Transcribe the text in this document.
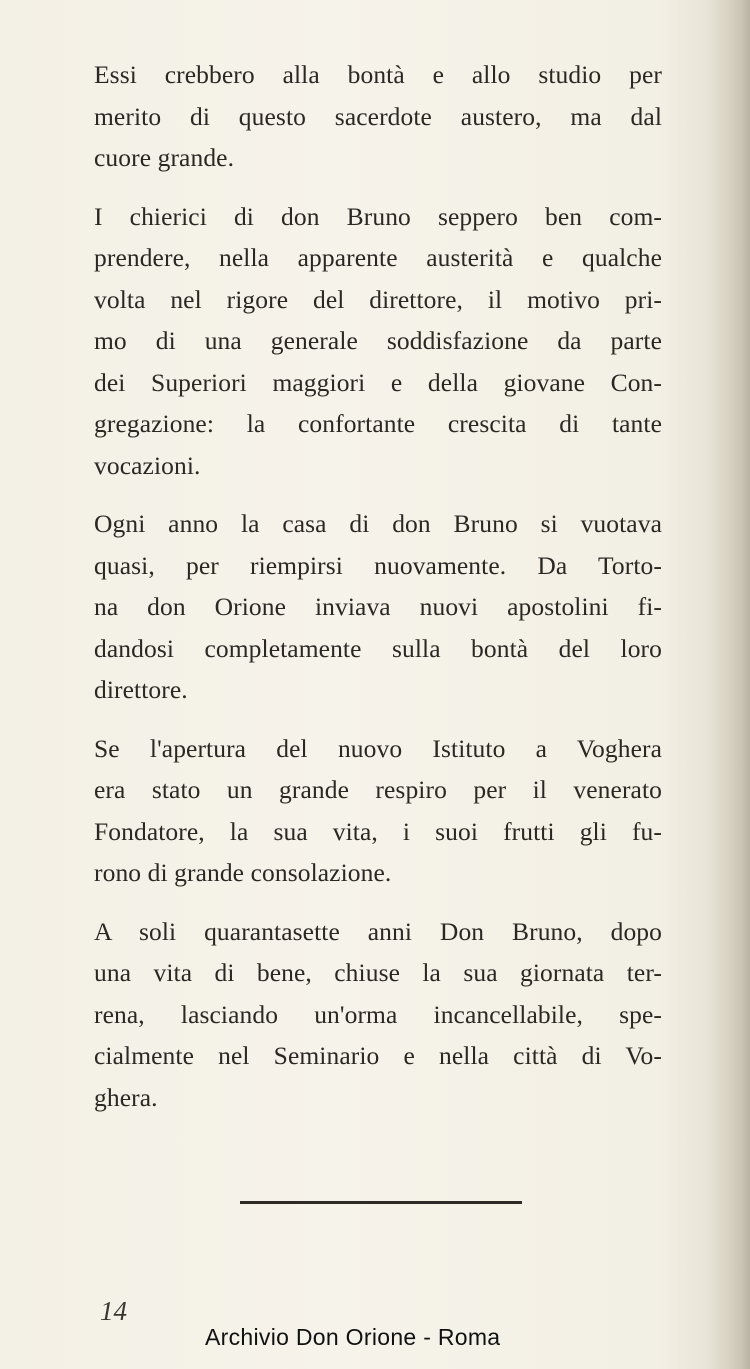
Essi crebbero alla bontà e allo studio per
merito di questo sacerdote austero, ma dal
cuore grande.

I chierici di don Bruno seppero ben com-
prendere, nella apparente austerità e qualche
volta nel rigore del direttore, il motivo pri-
mo di una generale soddisfazione da parte
dei Superiori maggiori e della giovane Con-
gregazione: la confortante crescita di tante
vocazioni.

Ogni anno la casa di don Bruno si vuotava
quasi, per riempirsi nuovamente. Da Torto-
na don Orione inviava nuovi apostolini fi-
dandosi completamente sulla bontà del loro
direttore.

Se l'apertura del nuovo Istituto a Voghera
era stato un grande respiro per il venerato
Fondatore, la sua vita, i suoi frutti gli fu-
rono di grande consolazione.

A soli quarantasette anni Don Bruno, dopo
una vita di bene, chiuse la sua giornata ter-
rena, lasciando un'orma incancellabile, spe-
cialmente nel Seminario e nella città di Vo-
ghera.

14
Archivio Don Orione - Roma
